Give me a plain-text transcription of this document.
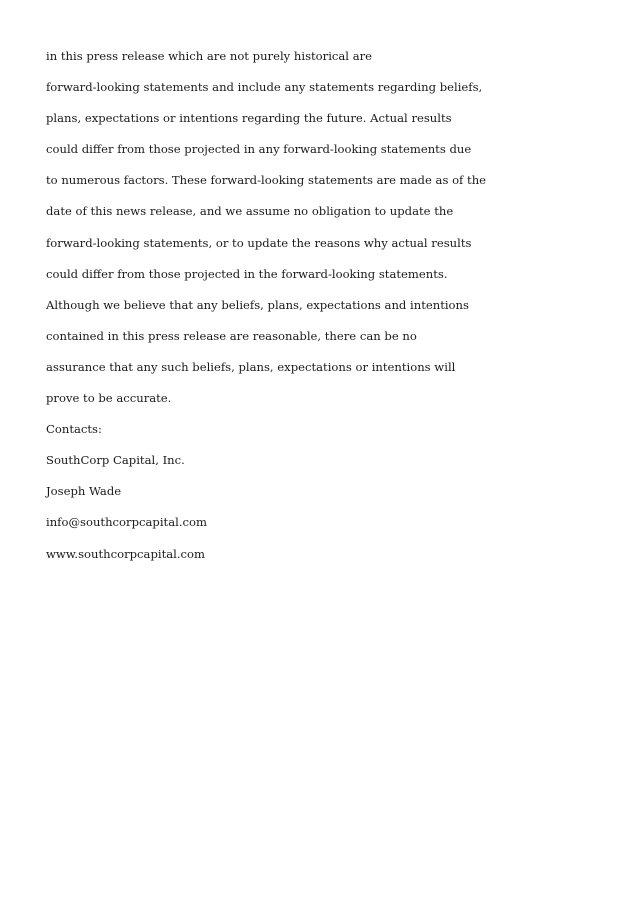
in this press release which are not purely historical are
forward-looking statements and include any statements regarding beliefs,
plans, expectations or intentions regarding the future. Actual results
could differ from those projected in any forward-looking statements due
to numerous factors. These forward-looking statements are made as of the
date of this news release, and we assume no obligation to update the
forward-looking statements, or to update the reasons why actual results
could differ from those projected in the forward-looking statements.
Although we believe that any beliefs, plans, expectations and intentions
contained in this press release are reasonable, there can be no
assurance that any such beliefs, plans, expectations or intentions will
prove to be accurate.
Contacts:
SouthCorp Capital, Inc.
Joseph Wade
info@southcorpcapital.com
www.southcorpcapital.com
